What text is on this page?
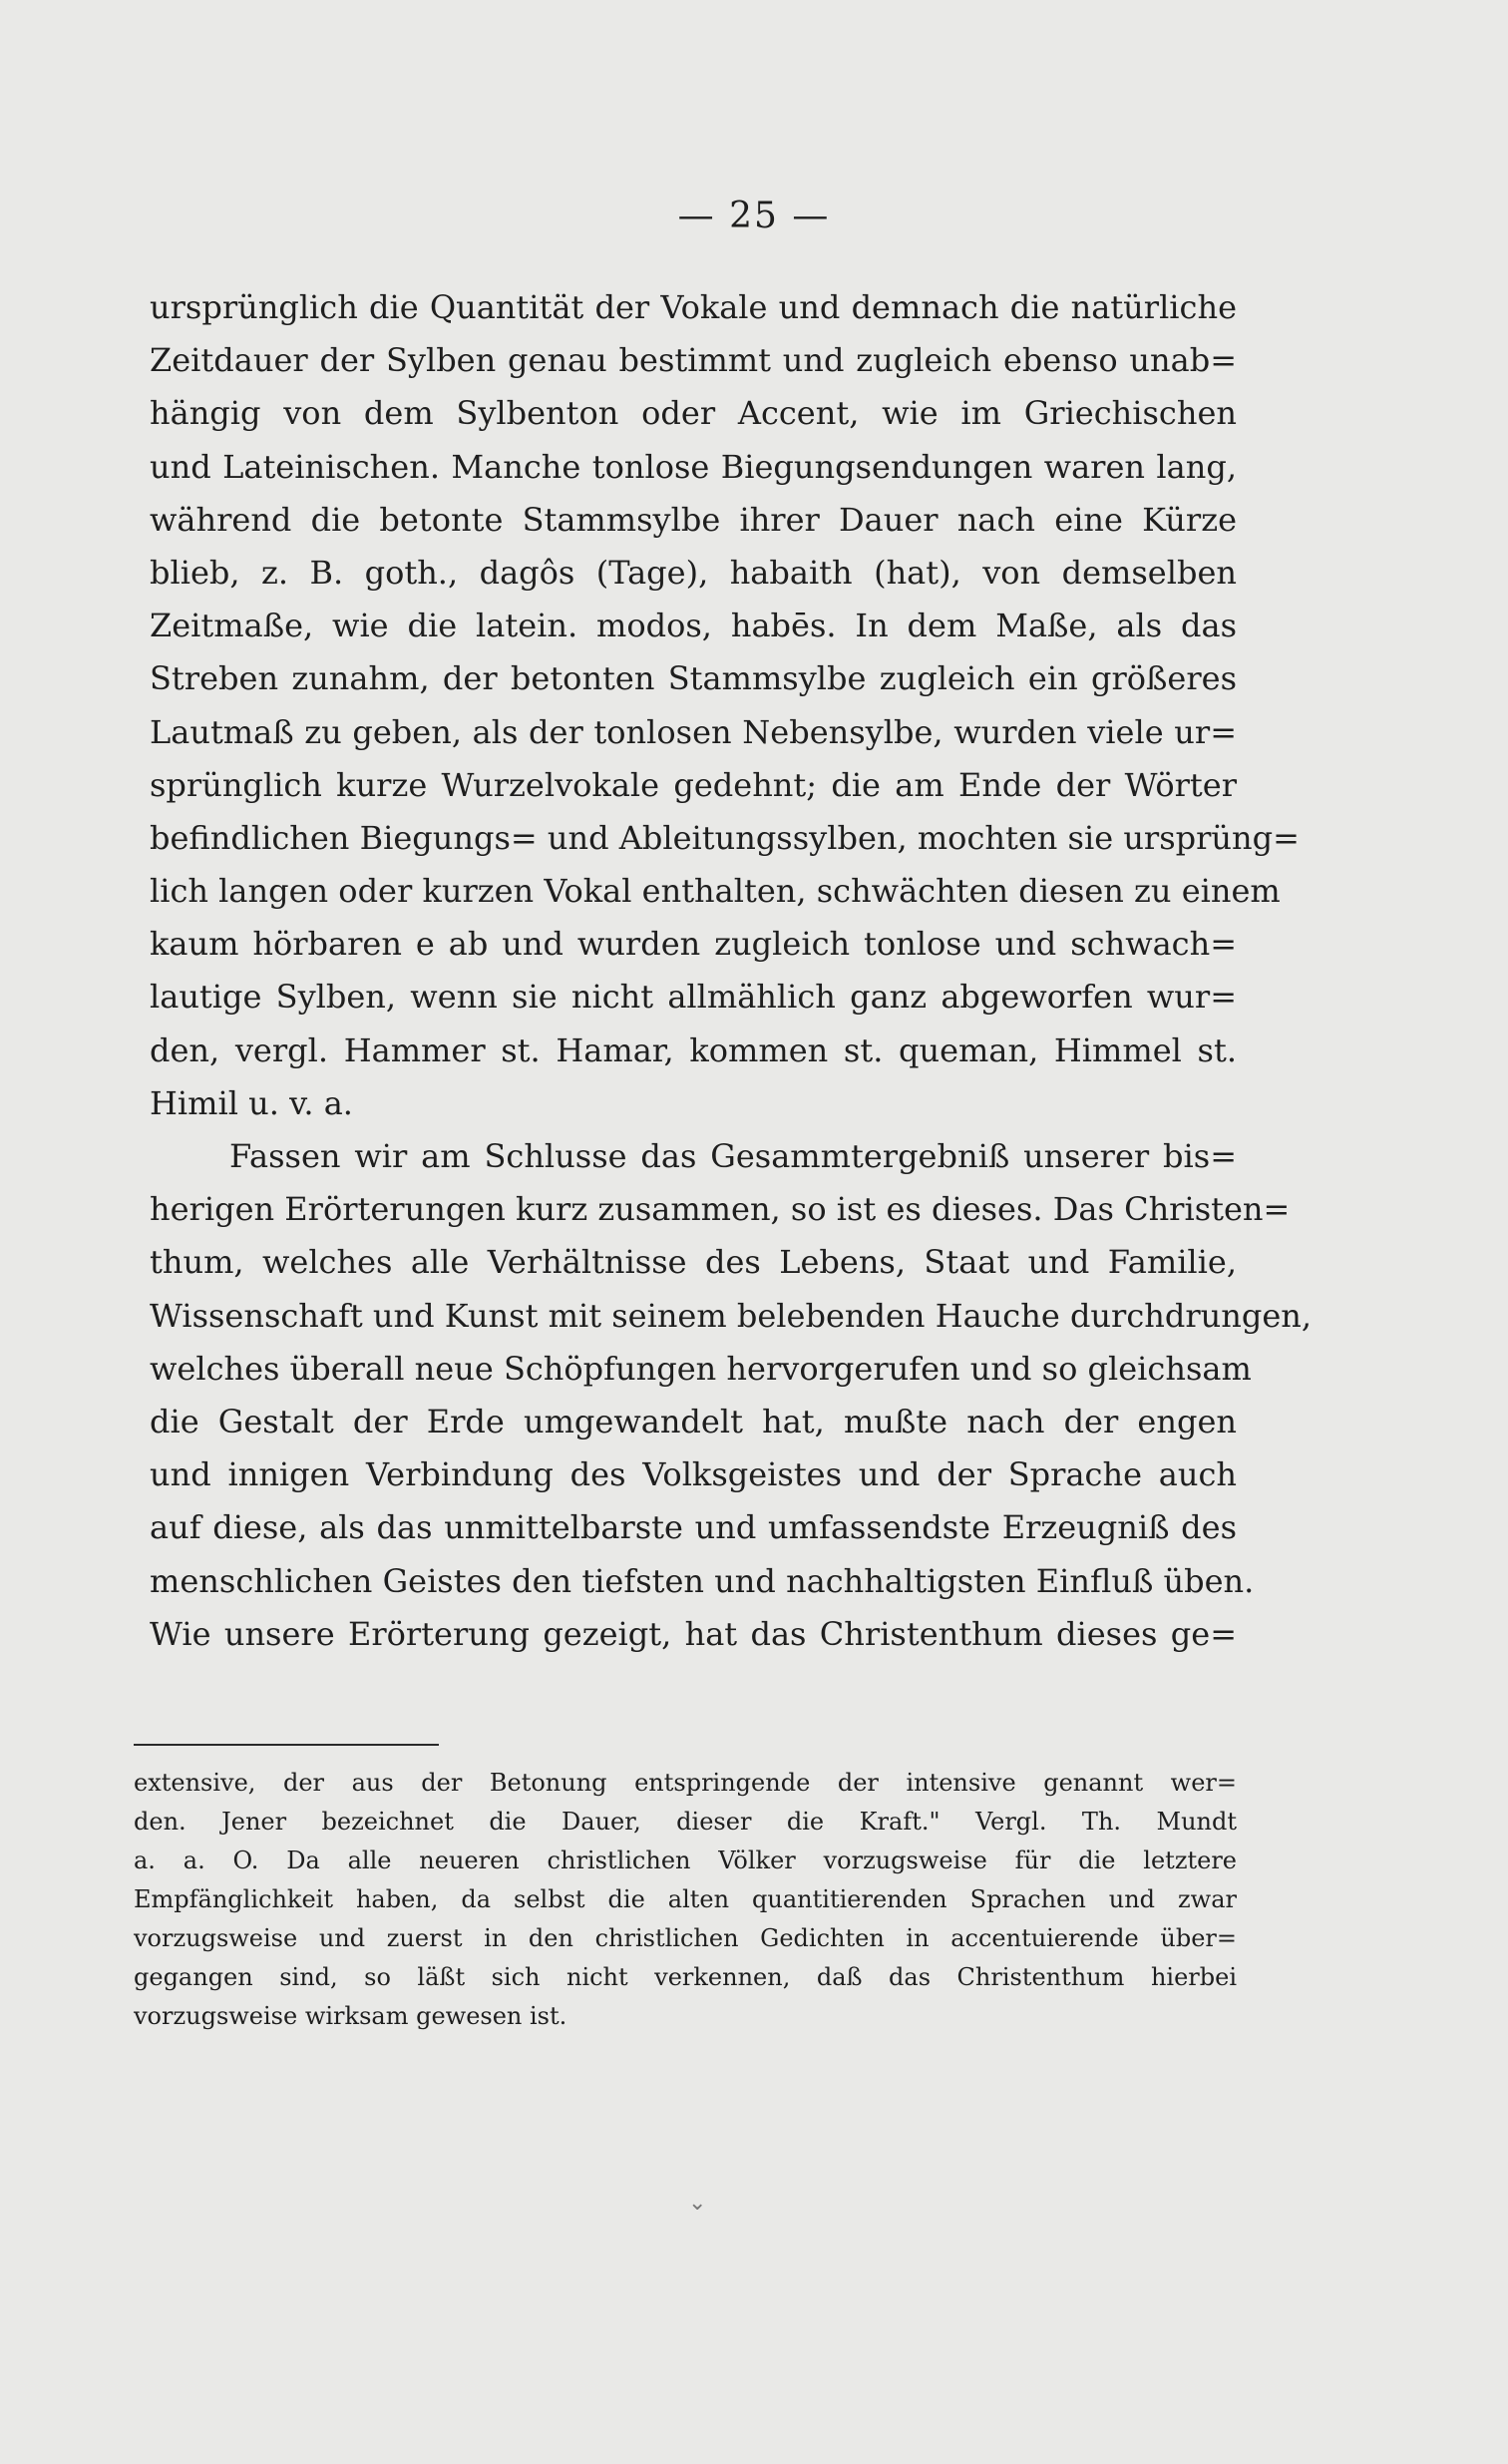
— 25 —
ursprünglich die Quantität der Vokale und demnach die natürliche
Zeitdauer der Sylben genau bestimmt und zugleich ebenso unab=
hängig von dem Sylbenton oder Accent, wie im Griechischen
und Lateinischen. Manche tonlose Biegungsendungen waren lang,
während die betonte Stammsylbe ihrer Dauer nach eine Kürze
blieb, z. B. goth., dagôs (Tage), habaith (hat), von demselben
Zeitmaße, wie die latein. modos, habēs. In dem Maße, als das
Streben zunahm, der betonten Stammsylbe zugleich ein größeres
Lautmaß zu geben, als der tonlosen Nebensylbe, wurden viele ur=
sprünglich kurze Wurzelvokale gedehnt; die am Ende der Wörter
befindlichen Biegungs= und Ableitungssylben, mochten sie ursprüng=
lich langen oder kurzen Vokal enthalten, schwächten diesen zu einem
kaum hörbaren e ab und wurden zugleich tonlose und schwach=
lautige Sylben, wenn sie nicht allmählich ganz abgeworfen wur=
den, vergl. Hammer st. Hamar, kommen st. queman, Himmel st.
Himil u. v. a.
Fassen wir am Schlusse das Gesammtergebniß unserer bis=
herigen Erörterungen kurz zusammen, so ist es dieses. Das Christen=
thum, welches alle Verhältnisse des Lebens, Staat und Familie,
Wissenschaft und Kunst mit seinem belebenden Hauche durchdrungen,
welches überall neue Schöpfungen hervorgerufen und so gleichsam
die Gestalt der Erde umgewandelt hat, mußte nach der engen
und innigen Verbindung des Volksgeistes und der Sprache auch
auf diese, als das unmittelbarste und umfassendste Erzeugniß des
menschlichen Geistes den tiefsten und nachhaltigsten Einfluß üben.
Wie unsere Erörterung gezeigt, hat das Christenthum dieses ge=
extensive, der aus der Betonung entspringende der intensive genannt wer=
den. Jener bezeichnet die Dauer, dieser die Kraft." Vergl. Th. Mundt
a. a. O. Da alle neueren christlichen Völker vorzugsweise für die letztere
Empfänglichkeit haben, da selbst die alten quantitierenden Sprachen und zwar
vorzugsweise und zuerst in den christlichen Gedichten in accentuierende über=
gegangen sind, so läßt sich nicht verkennen, daß das Christenthum hierbei
vorzugsweise wirksam gewesen ist.
⌄
